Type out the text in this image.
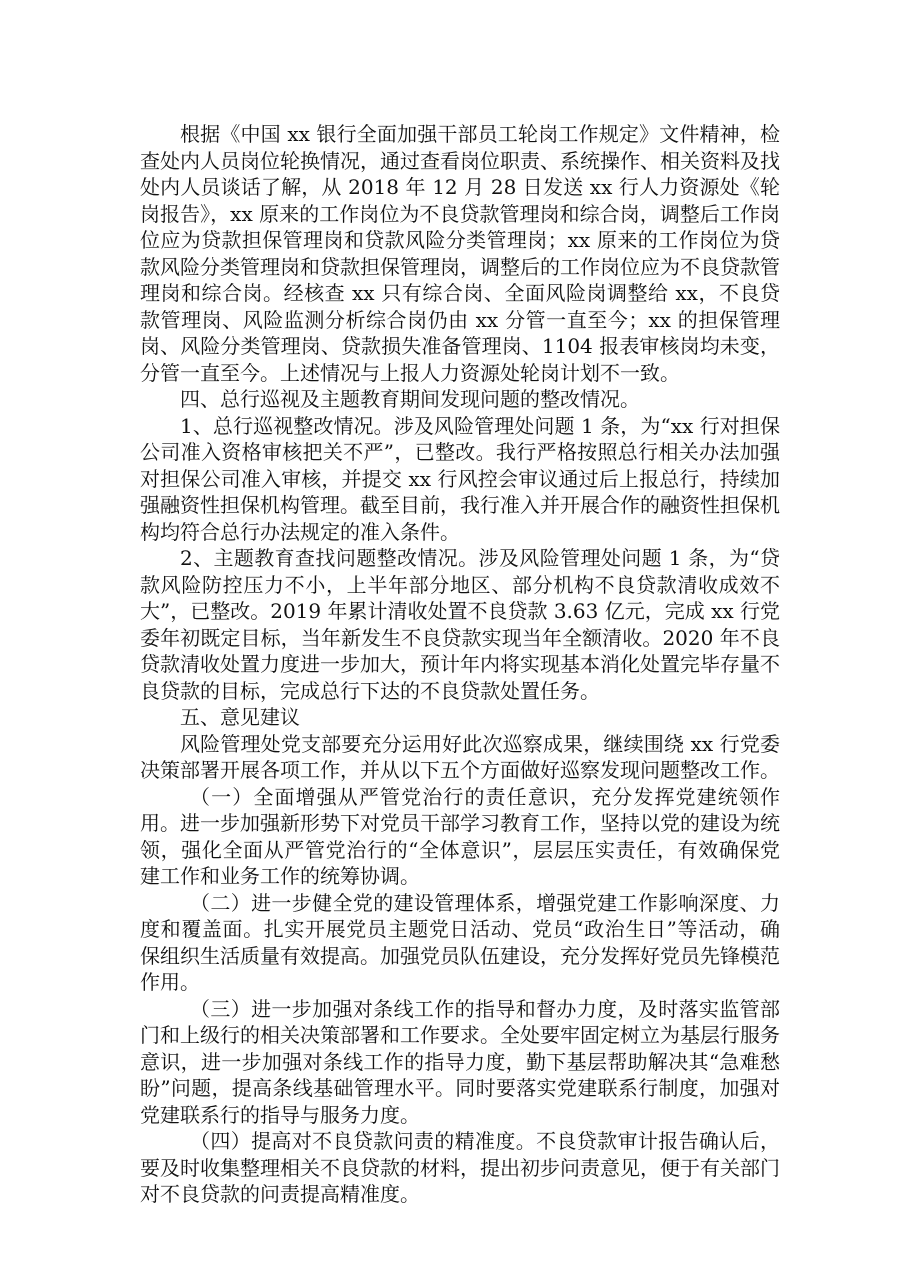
根据《中国 xx 银行全面加强干部员工轮岗工作规定》文件精神，检查处内人员岗位轮换情况，通过查看岗位职责、系统操作、相关资料及找处内人员谈话了解，从 2018 年 12 月 28 日发送 xx 行人力资源处《轮岗报告》，xx 原来的工作岗位为不良贷款管理岗和综合岗，调整后工作岗位应为贷款担保管理岗和贷款风险分类管理岗；xx 原来的工作岗位为贷款风险分类管理岗和贷款担保管理岗，调整后的工作岗位应为不良贷款管理岗和综合岗。经核查 xx 只有综合岗、全面风险岗调整给 xx，不良贷款管理岗、风险监测分析综合岗仍由 xx 分管一直至今；xx 的担保管理岗、风险分类管理岗、贷款损失准备管理岗、1104 报表审核岗均未变，分管一直至今。上述情况与上报人力资源处轮岗计划不一致。

四、总行巡视及主题教育期间发现问题的整改情况。

1、总行巡视整改情况。涉及风险管理处问题 1 条，为“xx 行对担保公司准入资格审核把关不严”，已整改。我行严格按照总行相关办法加强对担保公司准入审核，并提交 xx 行风控会审议通过后上报总行，持续加强融资性担保机构管理。截至目前，我行准入并开展合作的融资性担保机构均符合总行办法规定的准入条件。

2、主题教育查找问题整改情况。涉及风险管理处问题 1 条，为“贷款风险防控压力不小，上半年部分地区、部分机构不良贷款清收成效不大”，已整改。2019 年累计清收处置不良贷款 3.63 亿元，完成 xx 行党委年初既定目标，当年新发生不良贷款实现当年全额清收。2020 年不良贷款清收处置力度进一步加大，预计年内将实现基本消化处置完毕存量不良贷款的目标，完成总行下达的不良贷款处置任务。

五、意见建议

风险管理处党支部要充分运用好此次巡察成果，继续围绕 xx 行党委决策部署开展各项工作，并从以下五个方面做好巡察发现问题整改工作。

（一）全面增强从严管党治行的责任意识，充分发挥党建统领作用。进一步加强新形势下对党员干部学习教育工作，坚持以党的建设为统领，强化全面从严管党治行的“全体意识”，层层压实责任，有效确保党建工作和业务工作的统筹协调。

（二）进一步健全党的建设管理体系，增强党建工作影响深度、力度和覆盖面。扎实开展党员主题党日活动、党员“政治生日”等活动，确保组织生活质量有效提高。加强党员队伍建设，充分发挥好党员先锋模范作用。

（三）进一步加强对条线工作的指导和督办力度，及时落实监管部门和上级行的相关决策部署和工作要求。全处要牢固定树立为基层行服务意识，进一步加强对条线工作的指导力度，勤下基层帮助解决其“急难愁盼”问题，提高条线基础管理水平。同时要落实党建联系行制度，加强对党建联系行的指导与服务力度。

（四）提高对不良贷款问责的精准度。不良贷款审计报告确认后，要及时收集整理相关不良贷款的材料，提出初步问责意见，便于有关部门对不良贷款的问责提高精准度。
